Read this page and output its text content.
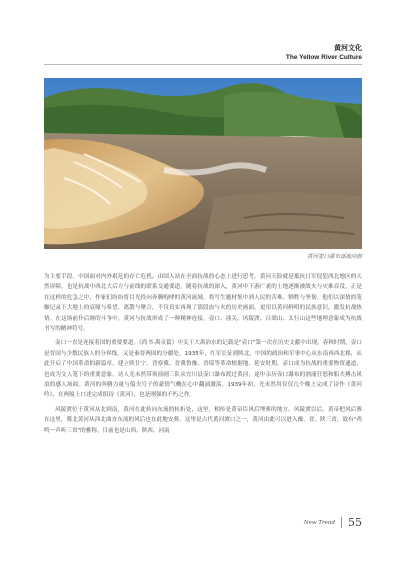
黄河文化
The Yellow River Culture
黄河壶口瀑布逐流向前

为主要手段。中国面对内外艰危的存亡危机，由国人站在全面抗战的心态上进行思考。黄河天险就是抵抗日军侵犯西北地区的天然屏障，也是抗战中西北大后方与前线的联系交通要道。随着抗战的深入，黄河中下游广袤的土地逐渐被战火与灾难吞没。正是在这样的危急之中，作家们纷纷将目光投向奔腾咆哮的黄河流域，将写生题材集中到人民的苦难、牺牲与坚韧。他们以深情的笔触记录下大地上的哀嚎与希望，离散与聚合，不仅真实再现了那段血与火的历史画面，更用以黄河鲜明的民族意识，激发抗战热情。在这场前仆后继的斗争中，黄河与抗战形成了一种精神连接。壶口、潼关、风陵渡、吕梁山、太行山这些地理意象成为抗战书写的精神符号。

壶口一直是连接着国的重要要道。《尚书·禹贡篇》中关于大禹治水的记载是"壶口"第一次在历史文献中出现。春秋时期，壶口是晋国与少数民族人的分界线，又是秦晋两国的分疆处。1935年，红军长征到陕北，中国的政治和军事中心从东南再西北移，从此开启了中国革命的新篇章，建立陕甘宁、晋察冀、晋冀鲁豫、晋绥等革命根据地。延安时期，壶口成为抗战的重要物资通道，也成为文人笔下的重要意象。诗人光未然带领演剧三队从宜川县壶口瀑布渡过黄河，途中亲历壶口瀑布的汹涌狂怒和船夫搏击风浪的感人场面。黄河的奔腾力量与船夫号子的豪情气概在心中翻涌激荡，1939年初，光未然用仅仅几个晚上完成了诗作《黄河吟》，在两船上口述完成组诗《黄河》，也是刚强的不朽之作。

风陵渡位于黄河从北到南，黄河在此转向东流的转折处，这里，相传是黄帝臣风后埋葬的地方。风陵渡以后，黄帝把风后葬在这里，冀北黄河从西北曲直东流的风后也在此地安葬。这里是古代黄河渡口之一，黄河由此可以进入豫、晋、陕三省，故有"鸡鸣一声听三省"的雅称。目前也是山西、陕西、河南

New Trend 55
